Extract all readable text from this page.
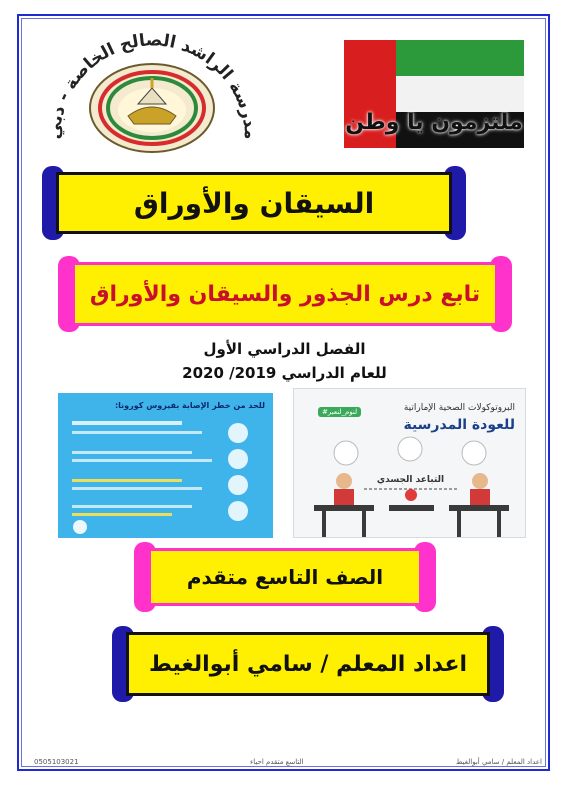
مدرسة الراشد الصالح الخاصة - دبي	ملتزمون يا وطن
السيقان والأوراق
تابع درس الجذور والسيقان والأوراق
الفصل الدراسي الأول
للعام الدراسي 2019/ 2020
للحد من خطر الإصابة بفيروس كورونا:	البروتوكولات الصحية الإماراتية
للعودة المدرسية
#لنوم_لنعبر
التباعد الجسدي
الصف التاسع متقدم
اعداد المعلم / سامي أبوالغيط
0505103021	التاسع متقدم احياء	اعداد المعلم / سامي أبوالغيط
